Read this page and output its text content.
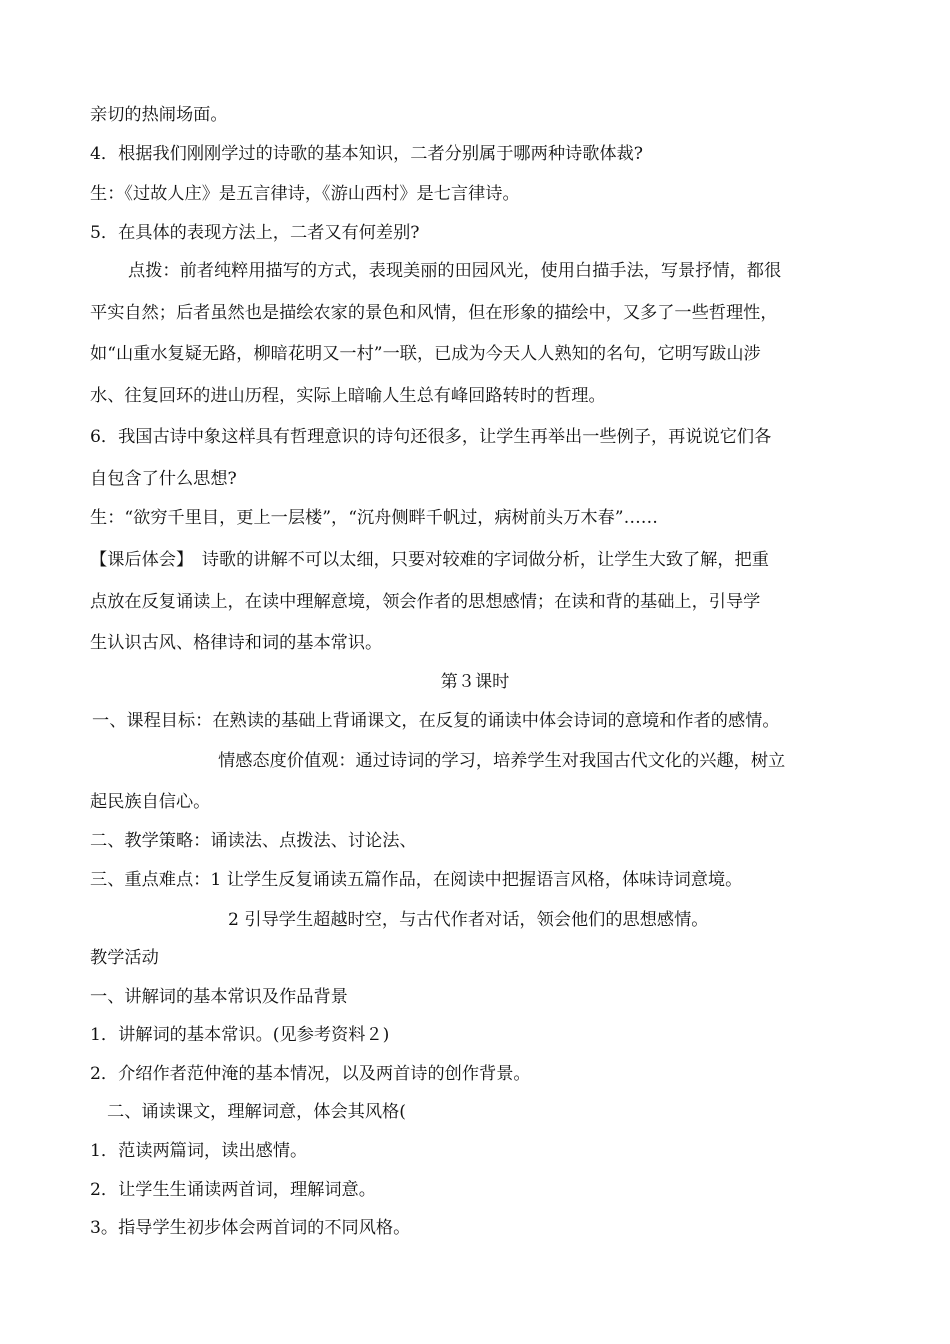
亲切的热闹场面。
4．根据我们刚刚学过的诗歌的基本知识，二者分别属于哪两种诗歌体裁?
生：《过故人庄》是五言律诗，《游山西村》是七言律诗。
5．在具体的表现方法上，二者又有何差别?
点拨：前者纯粹用描写的方式，表现美丽的田园风光，使用白描手法，写景抒情，都很
平实自然；后者虽然也是描绘农家的景色和风情，但在形象的描绘中，又多了一些哲理性，
如“山重水复疑无路，柳暗花明又一村”一联，已成为今天人人熟知的名句，它明写跋山涉
水、往复回环的进山历程，实际上暗喻人生总有峰回路转时的哲理。
6．我国古诗中象这样具有哲理意识的诗句还很多，让学生再举出一些例子，再说说它们各
自包含了什么思想?
生：“欲穷千里目，更上一层楼”，“沉舟侧畔千帆过，病树前头万木春”……
【课后体会】　诗歌的讲解不可以太细，只要对较难的字词做分析，让学生大致了解，把重
点放在反复诵读上，在读中理解意境，领会作者的思想感情；在读和背的基础上，引导学
生认识古风、格律诗和词的基本常识。
第３课时
一、课程目标：在熟读的基础上背诵课文，在反复的诵读中体会诗词的意境和作者的感情。
情感态度价值观：通过诗词的学习，培养学生对我国古代文化的兴趣，树立
起民族自信心。
二、教学策略：诵读法、点拨法、讨论法、
三、重点难点：1 让学生反复诵读五篇作品，在阅读中把握语言风格，体味诗词意境。
2 引导学生超越时空，与古代作者对话，领会他们的思想感情。
教学活动
一、讲解词的基本常识及作品背景
1．讲解词的基本常识。(见参考资料２)
2．介绍作者范仲淹的基本情况，以及两首诗的创作背景。
二、诵读课文，理解词意，体会其风格(
1．范读两篇词，读出感情。
2．让学生生诵读两首词，理解词意。
3。指导学生初步体会两首词的不同风格。
